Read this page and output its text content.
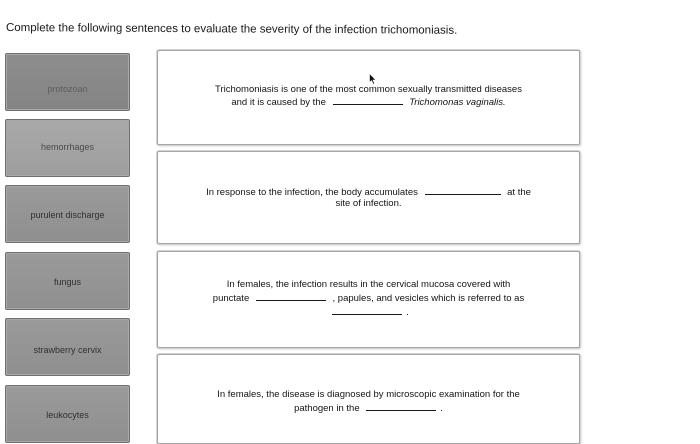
Complete the following sentences to evaluate the severity of the infection trichomoniasis.

protozoan
hemorrhages
purulent discharge
fungus
strawberry cervix
leukocytes

Trichomoniasis is one of the most common sexually transmitted diseases

and it is caused by the	Trichomonas vaginalis.

In response to the infection, the body accumulates	at the

site of infection.

In females, the infection results in the cervical mucosa covered with

punctate	, papules, and vesicles which is referred to as

.

In females, the disease is diagnosed by microscopic examination for the

pathogen in the	.
